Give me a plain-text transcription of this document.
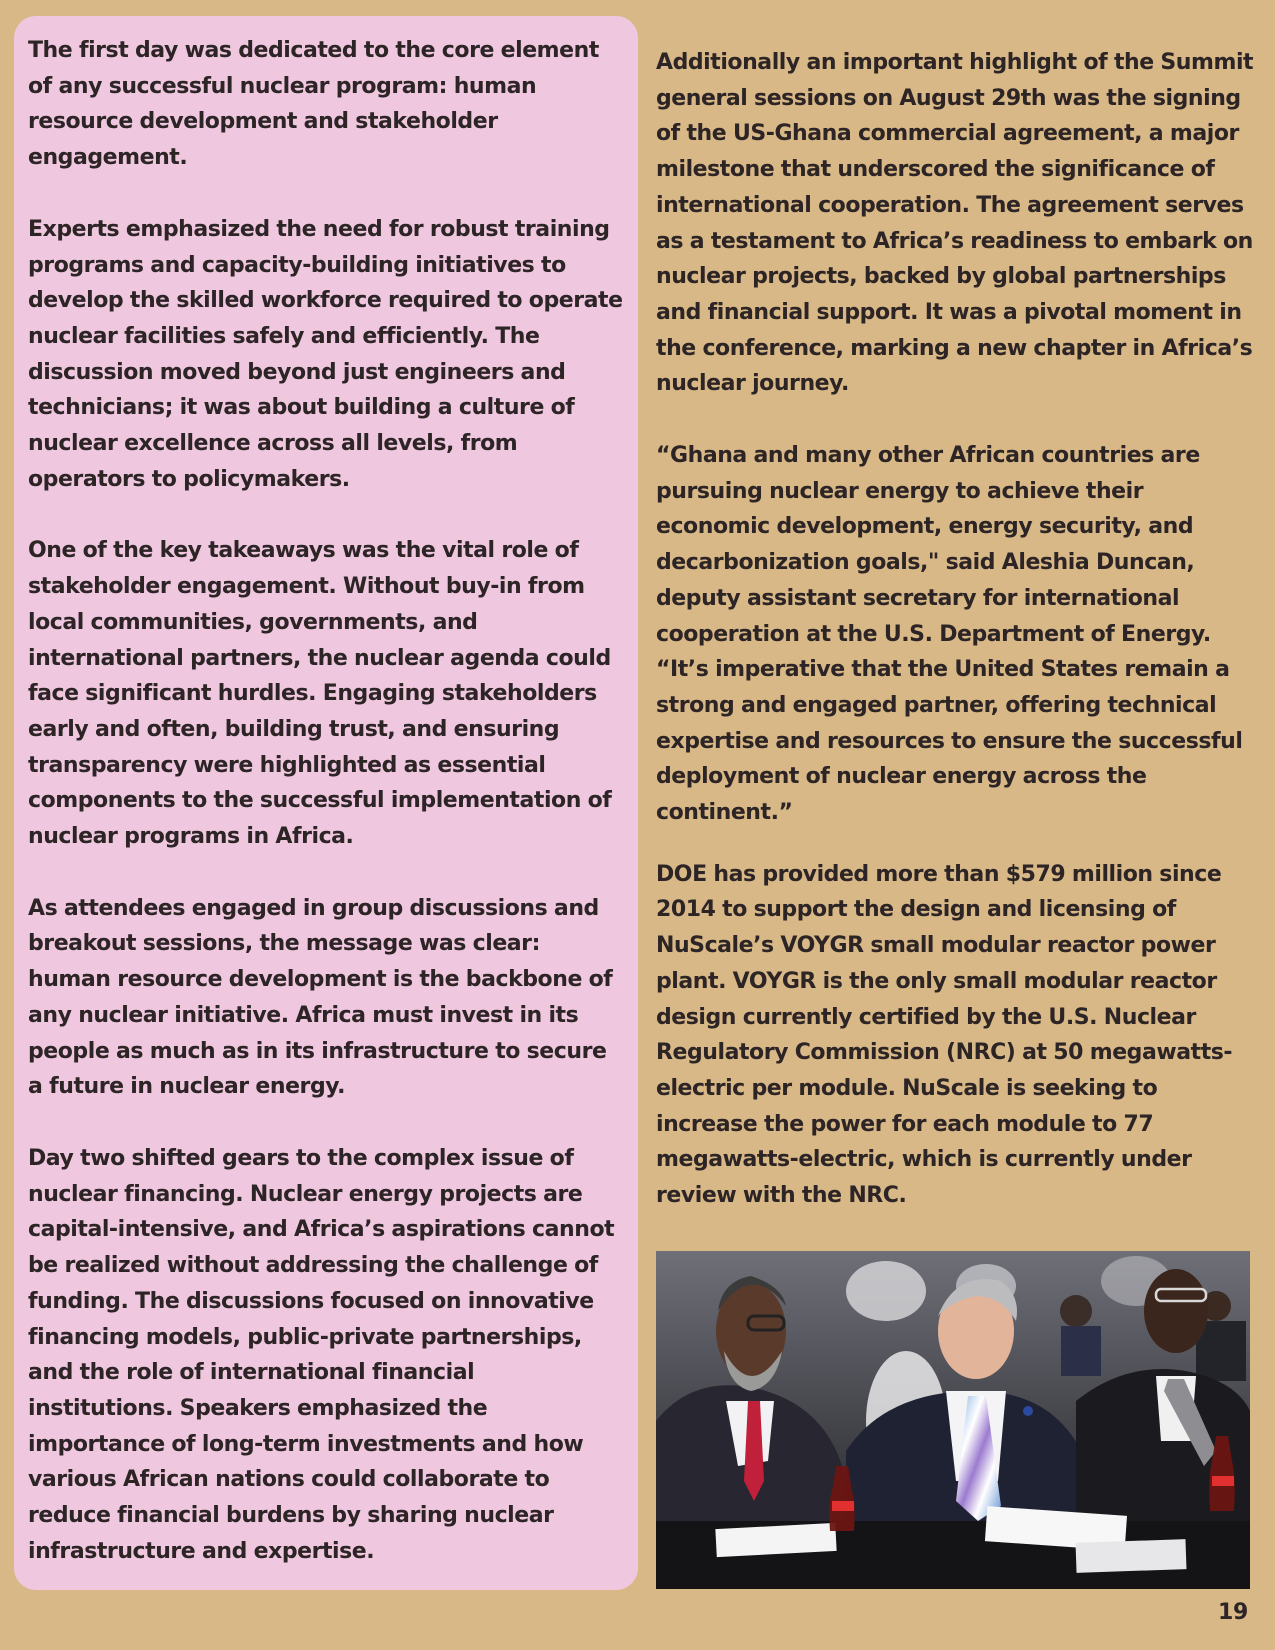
The first day was dedicated to the core element of any successful nuclear program: human resource development and stakeholder engagement.

Experts emphasized the need for robust training programs and capacity-building initiatives to develop the skilled workforce required to operate nuclear facilities safely and efficiently. The discussion moved beyond just engineers and technicians; it was about building a culture of nuclear excellence across all levels, from operators to policymakers.

One of the key takeaways was the vital role of stakeholder engagement. Without buy-in from local communities, governments, and international partners, the nuclear agenda could face significant hurdles. Engaging stakeholders early and often, building trust, and ensuring transparency were highlighted as essential components to the successful implementation of nuclear programs in Africa.

As attendees engaged in group discussions and breakout sessions, the message was clear: human resource development is the backbone of any nuclear initiative. Africa must invest in its people as much as in its infrastructure to secure a future in nuclear energy.

Day two shifted gears to the complex issue of nuclear financing. Nuclear energy projects are capital-intensive, and Africa’s aspirations cannot be realized without addressing the challenge of funding. The discussions focused on innovative financing models, public-private partnerships, and the role of international financial institutions. Speakers emphasized the importance of long-term investments and how various African nations could collaborate to reduce financial burdens by sharing nuclear infrastructure and expertise.

Additionally an important highlight of the Summit general sessions on August 29th was the signing of the US-Ghana commercial agreement, a major milestone that underscored the significance of international cooperation. The agreement serves as a testament to Africa’s readiness to embark on nuclear projects, backed by global partnerships and financial support. It was a pivotal moment in the conference, marking a new chapter in Africa’s nuclear journey.

“Ghana and many other African countries are pursuing nuclear energy to achieve their economic development, energy security, and decarbonization goals," said Aleshia Duncan, deputy assistant secretary for international cooperation at the U.S. Department of Energy. “It’s imperative that the United States remain a strong and engaged partner, offering technical expertise and resources to ensure the successful deployment of nuclear energy across the continent.”

DOE has provided more than $579 million since 2014 to support the design and licensing of NuScale’s VOYGR small modular reactor power plant. VOYGR is the only small modular reactor design currently certified by the U.S. Nuclear Regulatory Commission (NRC) at 50 megawatts-electric per module. NuScale is seeking to increase the power for each module to 77 megawatts-electric, which is currently under review with the NRC.

19
